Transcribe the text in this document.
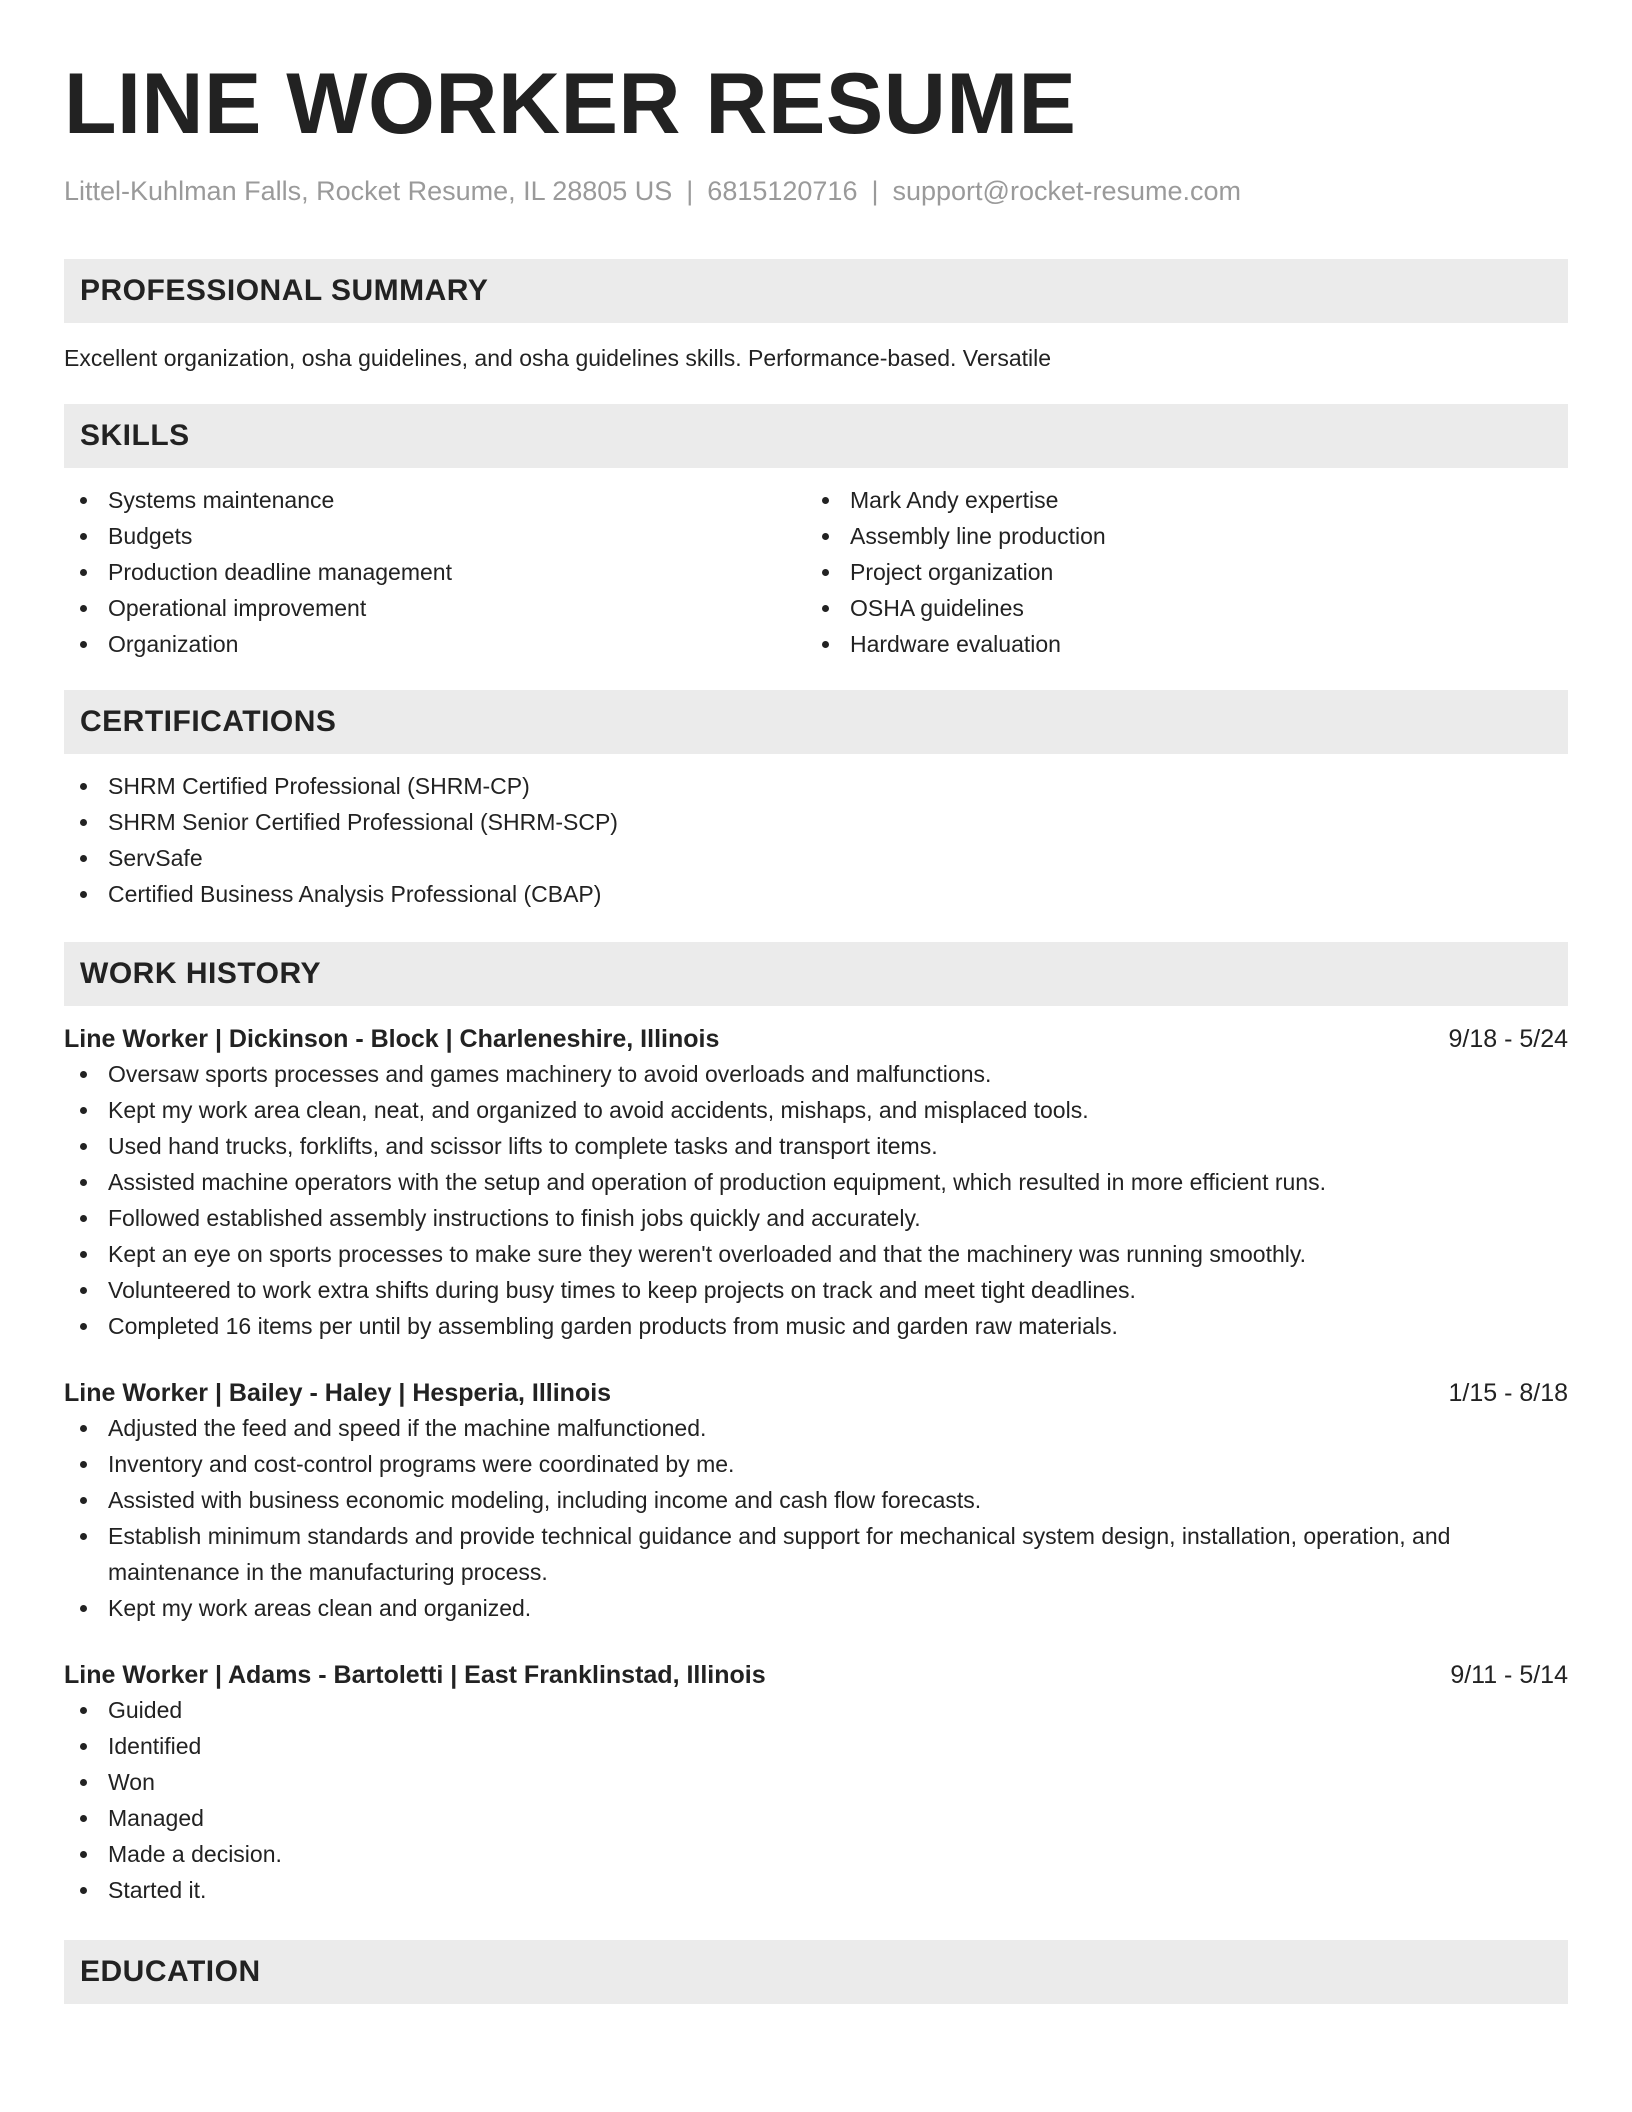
LINE WORKER RESUME
Littel-Kuhlman Falls, Rocket Resume, IL 28805 US | 6815120716 | support@rocket-resume.com
PROFESSIONAL SUMMARY
Excellent organization, osha guidelines, and osha guidelines skills. Performance-based. Versatile
SKILLS
Systems maintenance
Budgets
Production deadline management
Operational improvement
Organization
Mark Andy expertise
Assembly line production
Project organization
OSHA guidelines
Hardware evaluation
CERTIFICATIONS
SHRM Certified Professional (SHRM-CP)
SHRM Senior Certified Professional (SHRM-SCP)
ServSafe
Certified Business Analysis Professional (CBAP)
WORK HISTORY
Line Worker | Dickinson - Block | Charleneshire, Illinois	9/18 - 5/24
Oversaw sports processes and games machinery to avoid overloads and malfunctions.
Kept my work area clean, neat, and organized to avoid accidents, mishaps, and misplaced tools.
Used hand trucks, forklifts, and scissor lifts to complete tasks and transport items.
Assisted machine operators with the setup and operation of production equipment, which resulted in more efficient runs.
Followed established assembly instructions to finish jobs quickly and accurately.
Kept an eye on sports processes to make sure they weren't overloaded and that the machinery was running smoothly.
Volunteered to work extra shifts during busy times to keep projects on track and meet tight deadlines.
Completed 16 items per until by assembling garden products from music and garden raw materials.
Line Worker | Bailey - Haley | Hesperia, Illinois	1/15 - 8/18
Adjusted the feed and speed if the machine malfunctioned.
Inventory and cost-control programs were coordinated by me.
Assisted with business economic modeling, including income and cash flow forecasts.
Establish minimum standards and provide technical guidance and support for mechanical system design, installation, operation, and maintenance in the manufacturing process.
Kept my work areas clean and organized.
Line Worker | Adams - Bartoletti | East Franklinstad, Illinois	9/11 - 5/14
Guided
Identified
Won
Managed
Made a decision.
Started it.
EDUCATION
